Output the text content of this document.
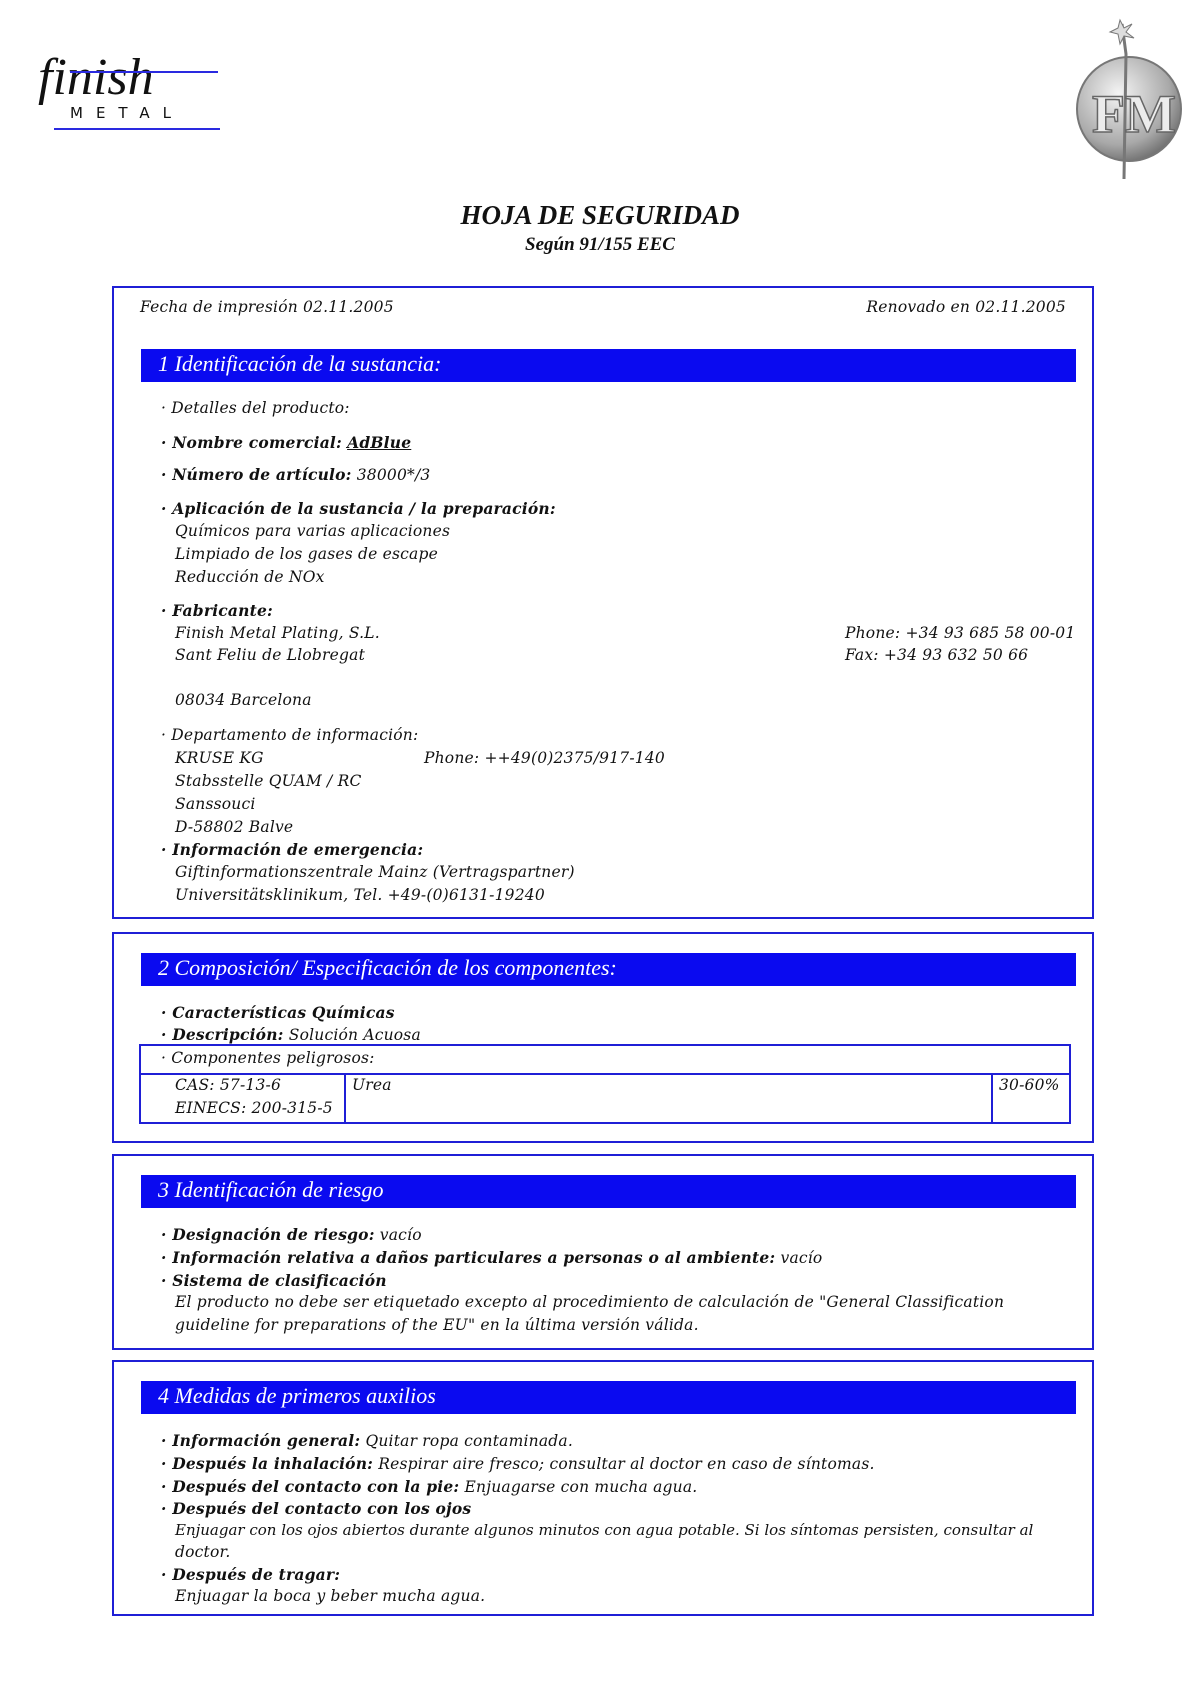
finish
METAL	FM
HOJA DE SEGURIDAD
Según 91/155 EEC
Fecha de impresión 02.11.2005	Renovado en 02.11.2005
1 Identificación de la sustancia:
· Detalles del producto:
· Nombre comercial: AdBlue
· Número de artículo: 38000*/3
· Aplicación de la sustancia / la preparación:
Químicos para varias aplicaciones
Limpiado de los gases de escape
Reducción de NOx
· Fabricante:
Finish Metal Plating, S.L.
Sant Feliu de Llobregat
08034 Barcelona
Phone: +34 93 685 58 00-01
Fax: +34 93 632 50 66
· Departamento de información:
KRUSE KG	Phone: ++49(0)2375/917-140
Stabsstelle QUAM / RC
Sanssouci
D-58802 Balve
· Información de emergencia:
Giftinformationszentrale Mainz (Vertragspartner)
Universitätsklinikum, Tel. +49-(0)6131-19240
2 Composición/ Especificación de los componentes:
· Características Químicas
· Descripción: Solución Acuosa
· Componentes peligrosos:
CAS: 57-13-6
EINECS: 200-315-5
Urea	30-60%
3 Identificación de riesgo
· Designación de riesgo: vacío
· Información relativa a daños particulares a personas o al ambiente: vacío
· Sistema de clasificación
El producto no debe ser etiquetado excepto al procedimiento de calculación de "General Classification
guideline for preparations of the EU" en la última versión válida.
4 Medidas de primeros auxilios
· Información general: Quitar ropa contaminada.
· Después la inhalación: Respirar aire fresco; consultar al doctor en caso de síntomas.
· Después del contacto con la pie: Enjuagarse con mucha agua.
· Después del contacto con los ojos
Enjuagar con los ojos abiertos durante algunos minutos con agua potable. Si los síntomas persisten, consultar al
doctor.
· Después de tragar:
Enjuagar la boca y beber mucha agua.
